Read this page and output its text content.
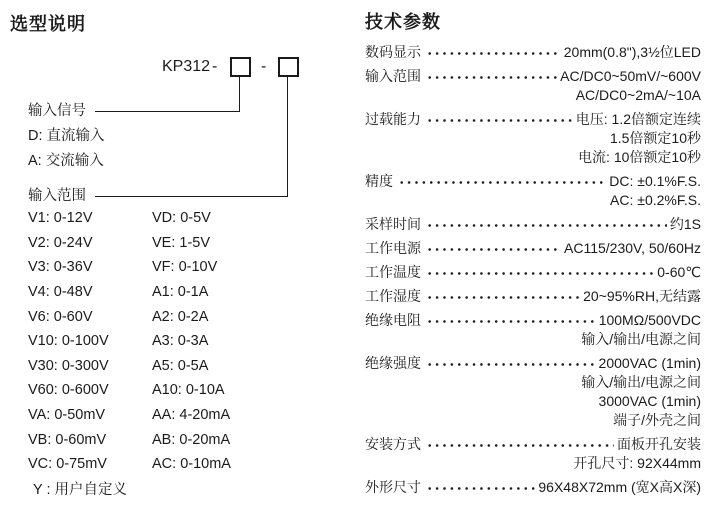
选型说明
KP312 -	-
输入信号
D: 直流输入
A: 交流输入
输入范围
V1: 0-12V	VD: 0-5V
V2: 0-24V	VE: 1-5V
V3: 0-36V	VF: 0-10V
V4: 0-48V	A1: 0-1A
V6: 0-60V	A2: 0-2A
V10: 0-100V	A3: 0-3A
V30: 0-300V	A5: 0-5A
V60: 0-600V	A10: 0-10A
VA: 0-50mV	AA: 4-20mA
VB: 0-60mV	AB: 0-20mA
VC: 0-75mV	AC: 0-10mA
Y : 用户自定义
技术参数
数码显示	20mm(0.8"),3½位LED
输入范围	AC/DC0~50mV/~600V
AC/DC0~2mA/~10A
过载能力	电压: 1.2倍额定连续
1.5倍额定10秒
电流: 10倍额定10秒
精度	DC: ±0.1%F.S.
AC: ±0.2%F.S.
采样时间	约1S
工作电源	AC115/230V, 50/60Hz
工作温度	0-60℃
工作湿度	20~95%RH,无结露
绝缘电阻	100MΩ/500VDC
输入/输出/电源之间
绝缘强度	2000VAC (1min)
输入/输出/电源之间
3000VAC (1min)
端子/外壳之间
安装方式	面板开孔安装
开孔尺寸: 92X44mm
外形尺寸	96X48X72mm (宽X高X深)
